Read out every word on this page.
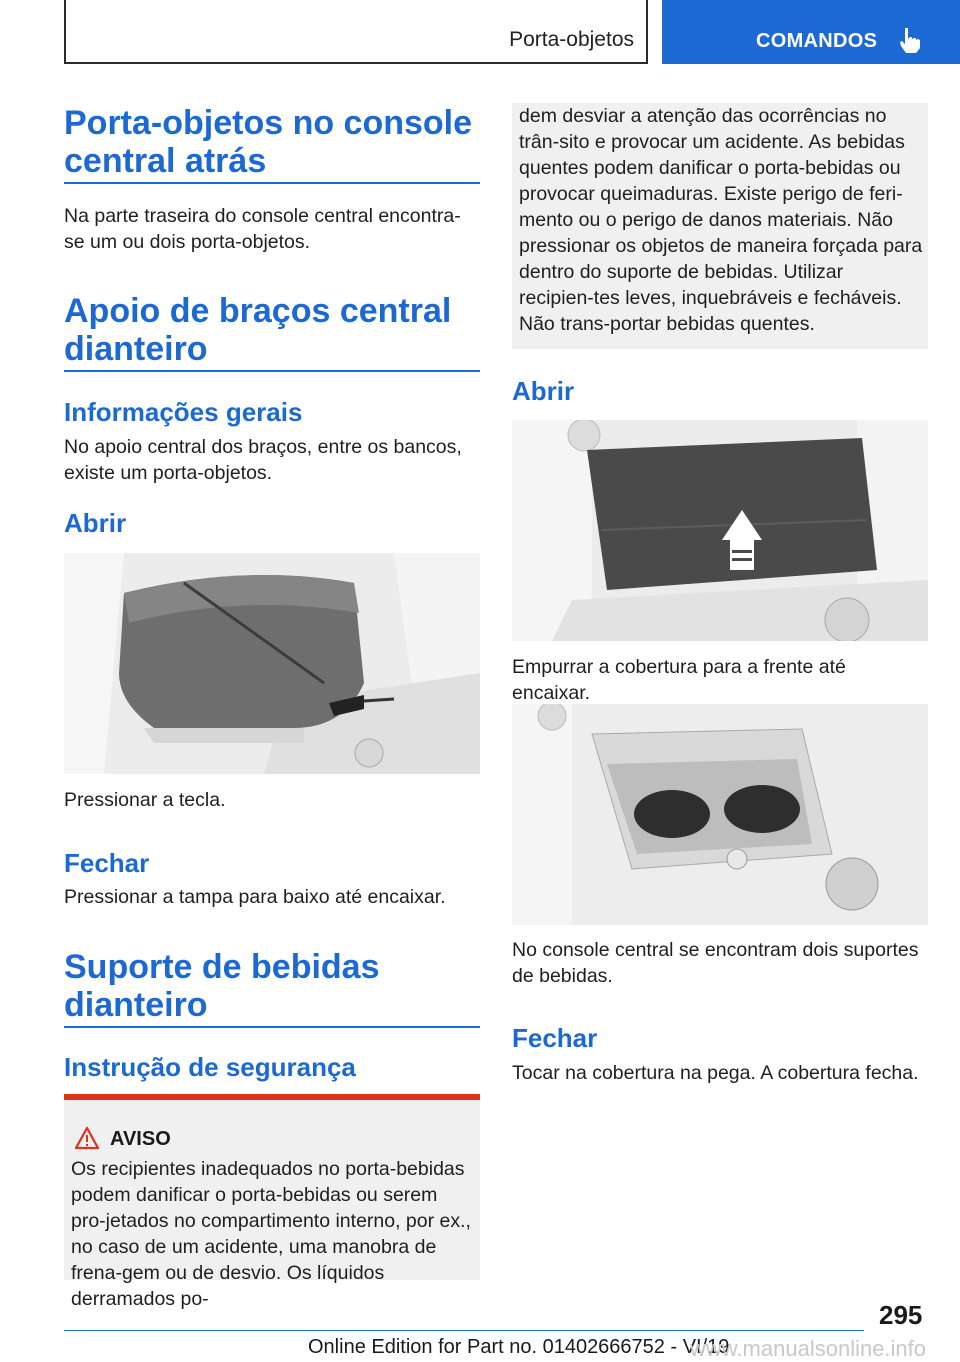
Porta-objetos	COMANDOS
Porta-objetos no console central atrás

Na parte traseira do console central encontra-se um ou dois porta-objetos.

Apoio de braços central dianteiro
Informações gerais

No apoio central dos braços, entre os bancos, existe um porta-objetos.

Abrir

Pressionar a tecla.

Fechar

Pressionar a tampa para baixo até encaixar.

Suporte de bebidas dianteiro
Instrução de segurança
AVISO

Os recipientes inadequados no porta-bebidas podem danificar o porta-bebidas ou serem pro-jetados no compartimento interno, por ex., no caso de um acidente, uma manobra de frena-gem ou de desvio. Os líquidos derramados po-

dem desviar a atenção das ocorrências no trân-sito e provocar um acidente. As bebidas quentes podem danificar o porta-bebidas ou provocar queimaduras. Existe perigo de feri-mento ou o perigo de danos materiais. Não pressionar os objetos de maneira forçada para dentro do suporte de bebidas. Utilizar recipien-tes leves, inquebráveis e fecháveis. Não trans-portar bebidas quentes.

Abrir

Empurrar a cobertura para a frente até encaixar.

No console central se encontram dois suportes de bebidas.

Fechar

Tocar na cobertura na pega. A cobertura fecha.

295
Online Edition for Part no. 01402666752 - VI/19
www.manualsonline.info
